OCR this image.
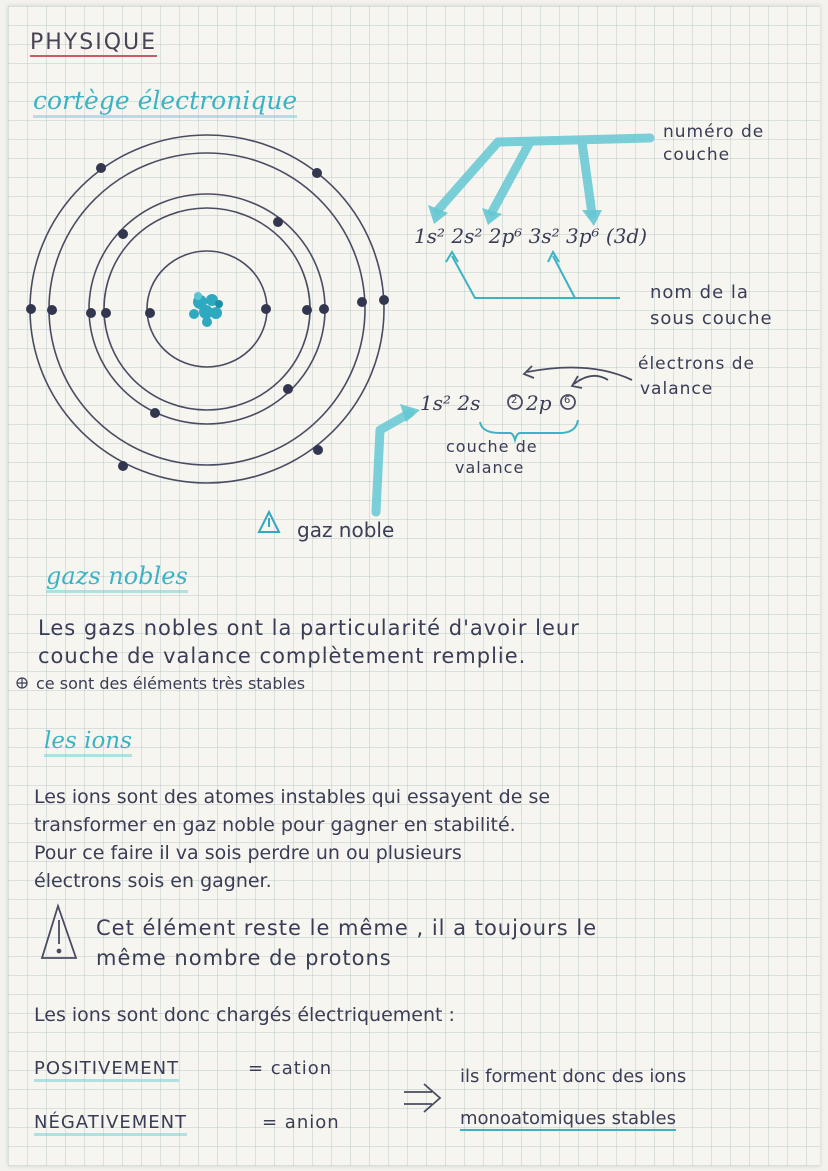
PHYSIQUE
cortège électronique
numéro de
couche
1s² 2s² 2p⁶ 3s² 3p⁶ (3d)
nom de la
sous couche
électrons de
valance
1s² 2s	2 2p 6
couche de
valance
gaz noble
gazs nobles
Les gazs nobles ont la particularité d'avoir leur
couche de valance complètement remplie.
ce sont des éléments très stables
les ions
Les ions sont des atomes instables qui essayent de se
transformer en gaz noble pour gagner en stabilité.
Pour ce faire il va sois perdre un ou plusieurs
électrons sois en gagner.
Cet élément reste le même , il a toujours le
même nombre de protons
Les ions sont donc chargés électriquement :
POSITIVEMENT	= cation
NÉGATIVEMENT	= anion
ils forment donc des ions
monoatomiques stables
